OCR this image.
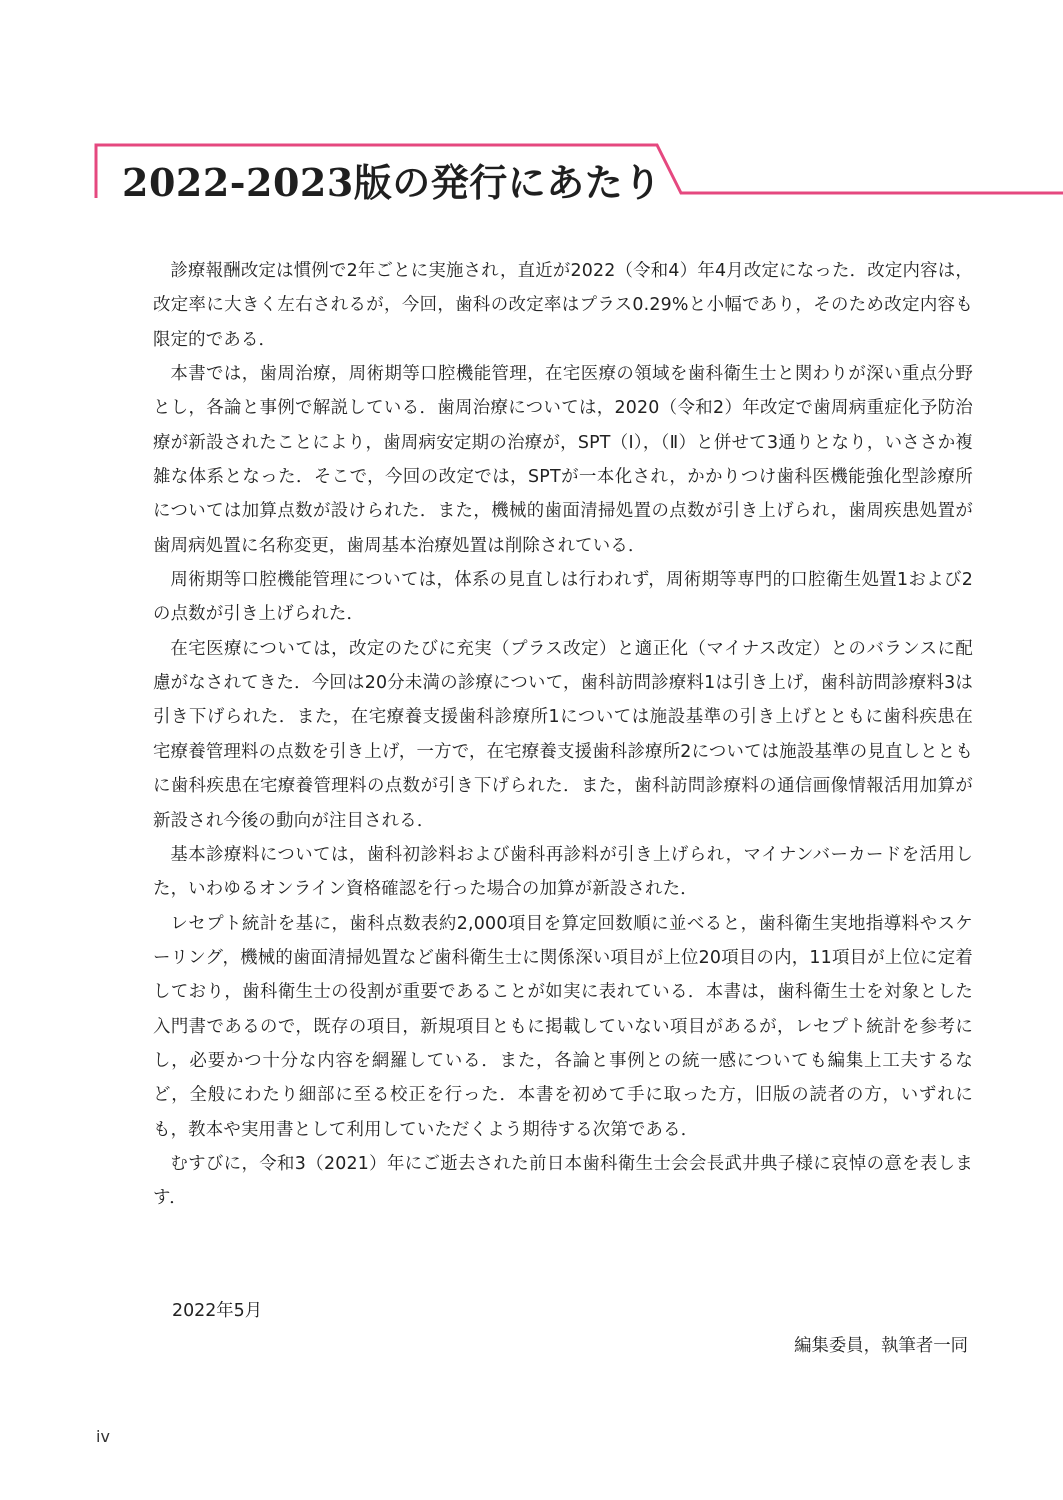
2022-2023版の発行にあたり

診療報酬改定は慣例で2年ごとに実施され，直近が2022（令和4）年4月改定になった．改定内容は，改定率に大きく左右されるが，今回，歯科の改定率はプラス0.29%と小幅であり，そのため改定内容も限定的である．

本書では，歯周治療，周術期等口腔機能管理，在宅医療の領域を歯科衛生士と関わりが深い重点分野とし，各論と事例で解説している．歯周治療については，2020（令和2）年改定で歯周病重症化予防治療が新設されたことにより，歯周病安定期の治療が，SPT（Ⅰ），（Ⅱ）と併せて3通りとなり，いささか複雑な体系となった．そこで，今回の改定では，SPTが一本化され，かかりつけ歯科医機能強化型診療所については加算点数が設けられた．また，機械的歯面清掃処置の点数が引き上げられ，歯周疾患処置が歯周病処置に名称変更，歯周基本治療処置は削除されている．

周術期等口腔機能管理については，体系の見直しは行われず，周術期等専門的口腔衛生処置1および2の点数が引き上げられた．

在宅医療については，改定のたびに充実（プラス改定）と適正化（マイナス改定）とのバランスに配慮がなされてきた．今回は20分未満の診療について，歯科訪問診療料1は引き上げ，歯科訪問診療料3は引き下げられた．また，在宅療養支援歯科診療所1については施設基準の引き上げとともに歯科疾患在宅療養管理料の点数を引き上げ，一方で，在宅療養支援歯科診療所2については施設基準の見直しとともに歯科疾患在宅療養管理料の点数が引き下げられた．また，歯科訪問診療料の通信画像情報活用加算が新設され今後の動向が注目される．

基本診療料については，歯科初診料および歯科再診料が引き上げられ，マイナンバーカードを活用した，いわゆるオンライン資格確認を行った場合の加算が新設された．

レセプト統計を基に，歯科点数表約2,000項目を算定回数順に並べると，歯科衛生実地指導料やスケーリング，機械的歯面清掃処置など歯科衛生士に関係深い項目が上位20項目の内，11項目が上位に定着しており，歯科衛生士の役割が重要であることが如実に表れている．本書は，歯科衛生士を対象とした入門書であるので，既存の項目，新規項目ともに掲載していない項目があるが，レセプト統計を参考にし，必要かつ十分な内容を網羅している．また，各論と事例との統一感についても編集上工夫するなど，全般にわたり細部に至る校正を行った．本書を初めて手に取った方，旧版の読者の方，いずれにも，教本や実用書として利用していただくよう期待する次第である．

むすびに，令和3（2021）年にご逝去された前日本歯科衛生士会会長武井典子様に哀悼の意を表します．

2022年5月

編集委員，執筆者一同

iv
